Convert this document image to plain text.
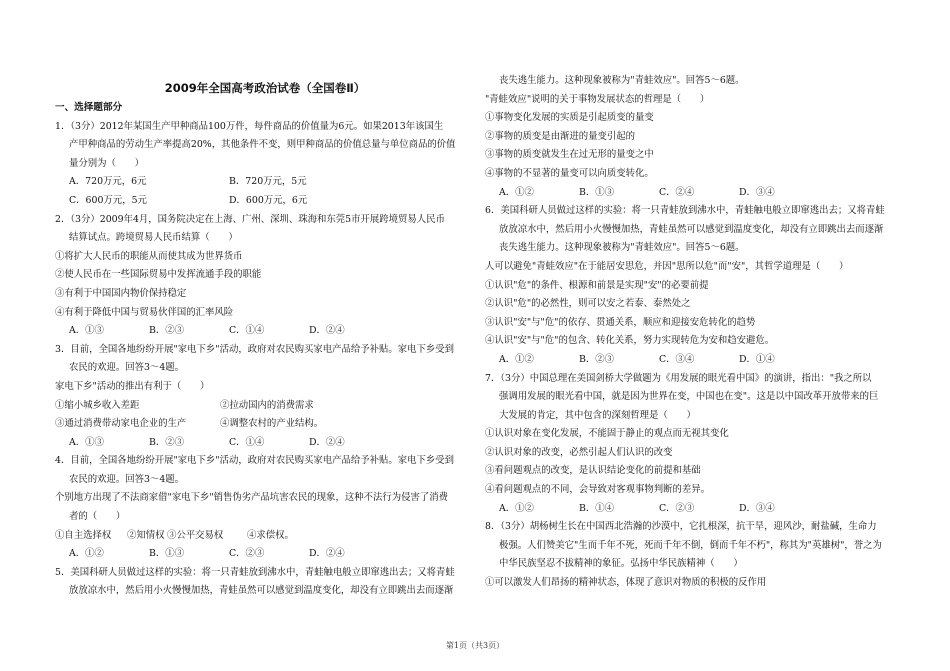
2009年全国高考政治试卷（全国卷Ⅱ）
一、选择题部分
1．（3分）2012年某国生产甲种商品100万件，每件商品的价值量为6元。如果2013年该国生
产甲种商品的劳动生产率提高20%，其他条件不变，则甲种商品的价值总量与单位商品的价值
量分别为（　　）
A．720万元，6元	B．720万元，5元
C．600万元，5元	D．600万元，6元
2．（3分）2009年4月，国务院决定在上海、广州、深圳、珠海和东莞5市开展跨境贸易人民币
结算试点。跨境贸易人民币结算（　　）
①将扩大人民币的职能从而使其成为世界货币
②使人民币在一些国际贸易中发挥流通手段的职能
③有利于中国国内物价保持稳定
④有利于降低中国与贸易伙伴国的汇率风险
A．①③	B．②③	C．①④	D．②④
3．目前，全国各地纷纷开展"家电下乡"活动，政府对农民购买家电产品给予补贴。家电下乡受到
农民的欢迎。回答3～4题。
家电下乡"活动的推出有利于（　　）
①缩小城乡收入差距	②拉动国内的消费需求
③通过消费带动家电企业的生产	④调整农村的产业结构。
A．①③	B．②③	C．①④	D．②④
4．目前，全国各地纷纷开展"家电下乡"活动，政府对农民购买家电产品给予补贴。家电下乡受到
农民的欢迎。回答3～4题。
个别地方出现了不法商家借"家电下乡"销售伪劣产品坑害农民的现象，这种不法行为侵害了消费
者的（　　）
①自主选择权	②知情权 ③公平交易权	④求偿权。
A．①②	B．①③	C．②③	D．②④
5．美国科研人员做过这样的实验：将一只青蛙放到沸水中，青蛙触电般立即窜逃出去；又将青蛙
放放凉水中，然后用小火慢慢加热，青蛙虽然可以感觉到温度变化，却没有立即跳出去而逐渐
丧失逃生能力。这种现象被称为"青蛙效应"。回答5～6题。
"青蛙效应"说明的关于事物发展状态的哲理是（　　）
①事物变化发展的实质是引起质变的量变
②事物的质变是由渐进的量变引起的
③事物的质变就发生在过无形的量变之中
④事物的不显著的量变可以向质变转化。
A．①②	B．①③	C．②④	D．③④
6．美国科研人员做过这样的实验：将一只青蛙放到沸水中，青蛙触电般立即窜逃出去；又将青蛙
放放凉水中，然后用小火慢慢加热，青蛙虽然可以感觉到温度变化，却没有立即跳出去而逐渐
丧失逃生能力。这种现象被称为"青蛙效应"。回答5～6题。
人可以避免"青蛙效应"在于能居安思危，并因"思所以危"而"安"，其哲学道理是（　　）
①认识"危"的条件、根源和前景是实现"安"的必要前提
②认识"危"的必然性，则可以安之若泰、泰然处之
③认识"安"与"危"的依存、贯通关系，顺应和迎接安危转化的趋势
④认识"安"与"危"的包含、转化关系，努力实现转危为安和趋安避危。
A．①②	B．②③	C．③④	D．①④
7．（3分）中国总理在美国剑桥大学做题为《用发展的眼光看中国》的演讲，指出："我之所以
强调用发展的眼光看中国，就是因为世界在变，中国也在变"。这是以中国改革开放带来的巨
大发展的肯定，其中包含的深刻哲理是（　　）
①认识对象在变化发展，不能固于静止的观点而无视其变化
②认识对象的改变，必然引起人们认识的改变
③看问题观点的改变，是认识结论变化的前提和基础
④看问题观点的不同，会导致对客观事物判断的差异。
A．①②	B．①④	C．②③	D．③④
8．（3分）胡杨树生长在中国西北浩瀚的沙漠中，它扎根深，抗干旱，迎风沙，耐盐碱，生命力
极强。人们赞美它"生而千年不死，死而千年不倒，倒而千年不朽"，称其为"英雄树"，誉之为
中华民族坚忍不拔精神的象征。弘扬中华民族精神（　　）
①可以激发人们昂扬的精神状态，体现了意识对物质的积极的反作用
第1页（共3页）
